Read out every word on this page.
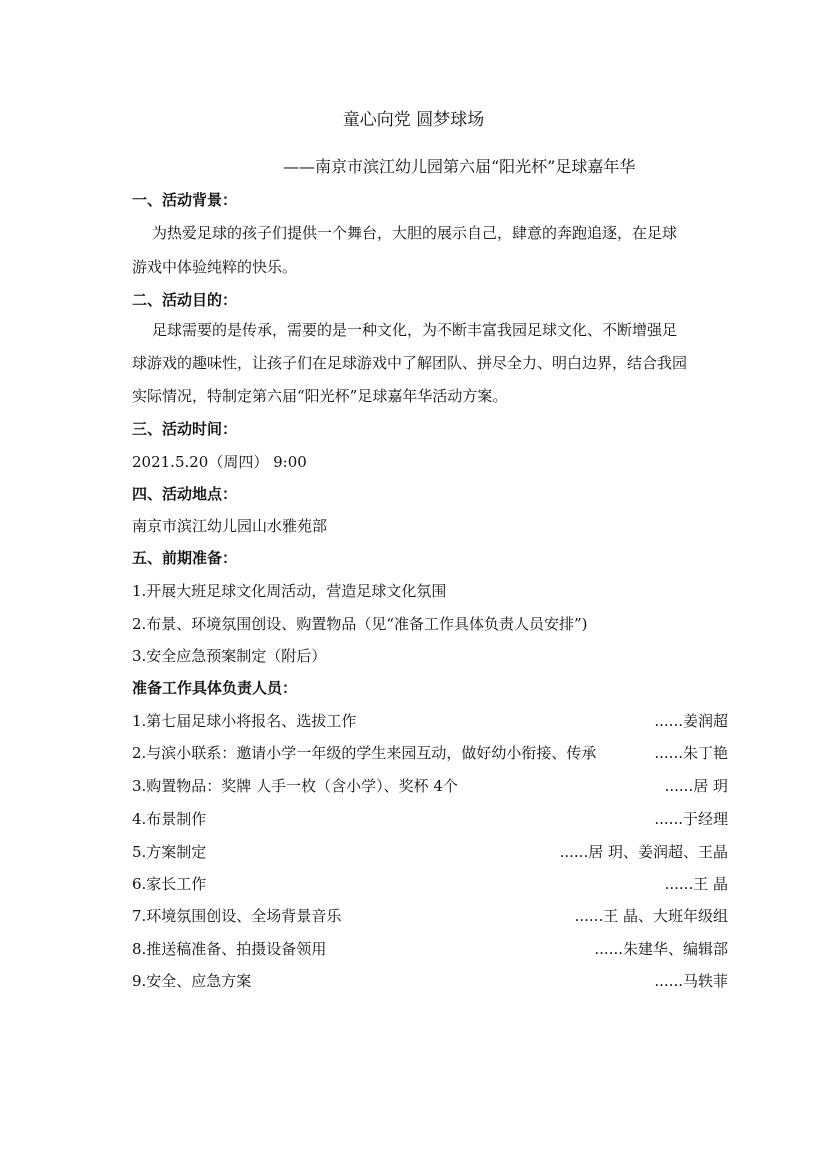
童心向党 圆梦球场
——南京市滨江幼儿园第六届“阳光杯”足球嘉年华
一、活动背景：
为热爱足球的孩子们提供一个舞台，大胆的展示自己，肆意的奔跑追逐，在足球
游戏中体验纯粹的快乐。
二、活动目的：
足球需要的是传承，需要的是一种文化，为不断丰富我园足球文化、不断增强足
球游戏的趣味性，让孩子们在足球游戏中了解团队、拼尽全力、明白边界，结合我园
实际情况，特制定第六届“阳光杯”足球嘉年华活动方案。
三、活动时间：
2021.5.20（周四） 9:00
四、活动地点：
南京市滨江幼儿园山水雅苑部
五、前期准备：
1.开展大班足球文化周活动，营造足球文化氛围
2.布景、环境氛围创设、购置物品（见“准备工作具体负责人员安排”)
3.安全应急预案制定（附后）
准备工作具体负责人员：
1.第七届足球小将报名、选拔工作	......姜润超
2.与滨小联系：邀请小学一年级的学生来园互动，做好幼小衔接、传承	......朱丁艳
3.购置物品：奖牌 人手一枚（含小学）、奖杯 4个	......居 玥
4.布景制作	......于经理
5.方案制定	......居 玥、姜润超、王晶
6.家长工作	......王 晶
7.环境氛围创设、全场背景音乐	......王 晶、大班年级组
8.推送稿准备、拍摄设备领用	......朱建华、编辑部
9.安全、应急方案	......马轶菲
